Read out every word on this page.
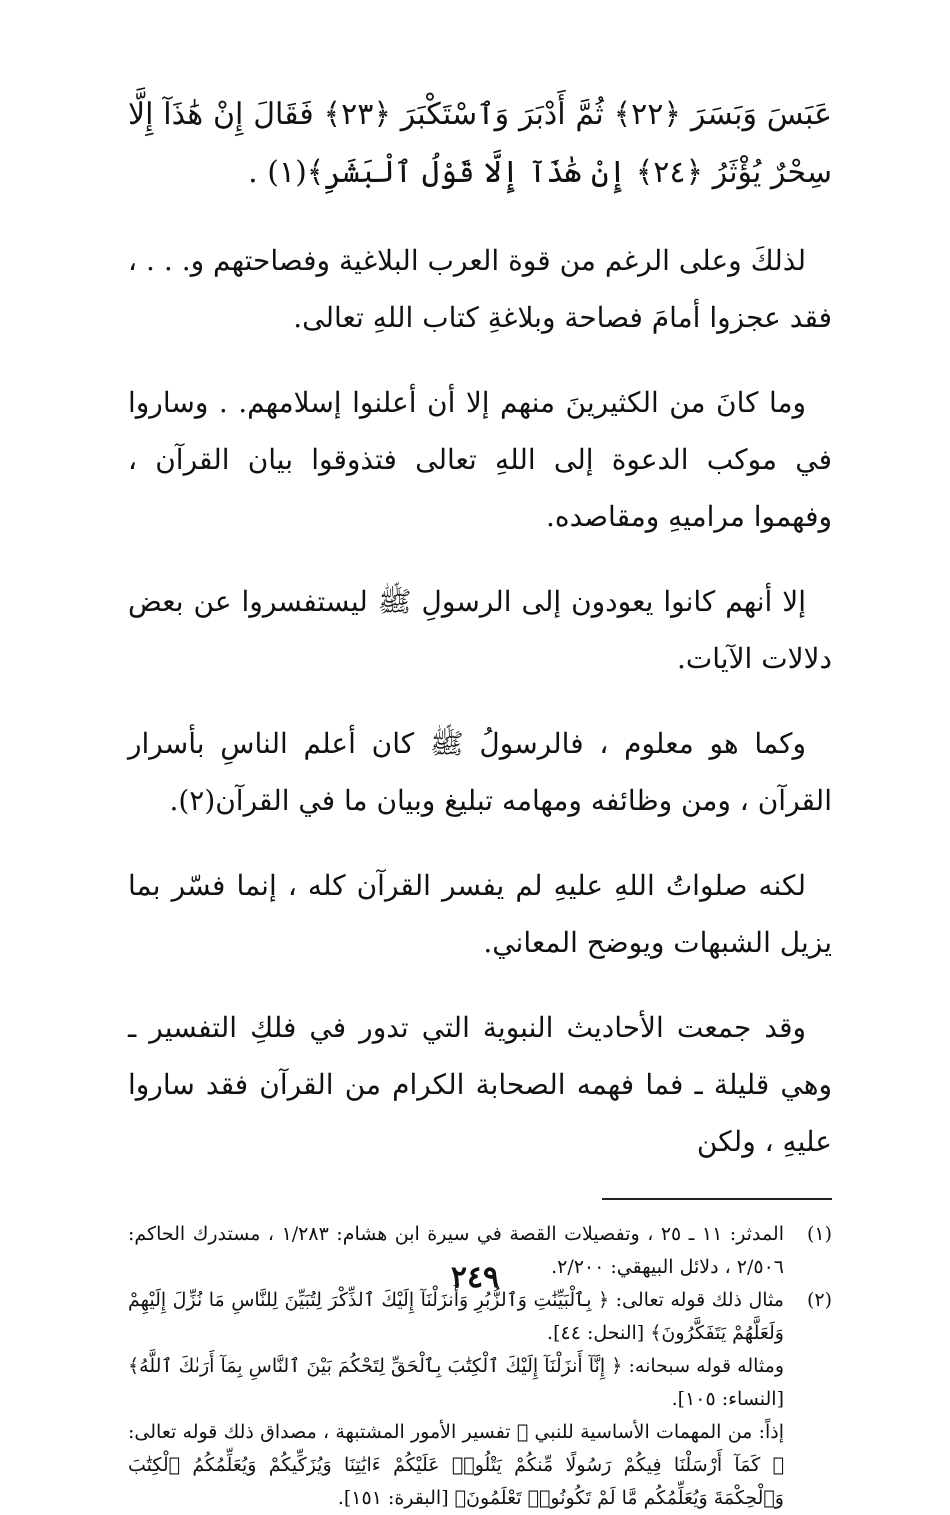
عَبَسَ وَبَسَرَ ﴿٢٢﴾ ثُمَّ أَدْبَرَ وَٱسْتَكْبَرَ ﴿٢٣﴾ فَقَالَ إِنْ هَٰذَآ إِلَّا سِحْرٌ يُؤْثَرُ ﴿٢٤﴾ إِنْ هَٰذَآ إِلَّا قَوْلُ ٱلْبَشَرِ﴾(١) .

لذلكَ وعلى الرغم من قوة العرب البلاغية وفصاحتهم و. . . ، فقد عجزوا أمامَ فصاحة وبلاغةِ كتاب اللهِ تعالى.

وما كانَ من الكثيرينَ منهم إلا أن أعلنوا إسلامهم. . وساروا في موكب الدعوة إلى اللهِ تعالى فتذوقوا بيان القرآن ، وفهموا مراميهِ ومقاصده.

إلا أنهم كانوا يعودون إلى الرسولِ ﷺ ليستفسروا عن بعض دلالات الآيات.

وكما هو معلوم ، فالرسولُ ﷺ كان أعلم الناسِ بأسرار القرآن ، ومن وظائفه ومهامه تبليغ وبيان ما في القرآن(٢).

لكنه صلواتُ اللهِ عليهِ لم يفسر القرآن كله ، إنما فسّر بما يزيل الشبهات ويوضح المعاني.

وقد جمعت الأحاديث النبوية التي تدور في فلكِ التفسير ـ وهي قليلة ـ فما فهمه الصحابة الكرام من القرآن فقد ساروا عليهِ ، ولكن

(١)
المدثر: ١١ ـ ٢٥ ، وتفصيلات القصة في سيرة ابن هشام: ١/٢٨٣ ، مستدرك الحاكم: ٢/٥٠٦ ، دلائل البيهقي: ٢/٢٠٠.
(٢)
مثال ذلك قوله تعالى: ﴿ بِٱلْبَيِّنَٰتِ وَٱلزُّبُرِ وَأَنزَلْنَآ إِلَيْكَ ٱلذِّكْرَ لِتُبَيِّنَ لِلنَّاسِ مَا نُزِّلَ إِلَيْهِمْ وَلَعَلَّهُمْ يَتَفَكَّرُونَ﴾ [النحل: ٤٤].
ومثاله قوله سبحانه: ﴿ إِنَّآ أَنزَلْنَآ إِلَيْكَ ٱلْكِتَٰبَ بِٱلْحَقِّ لِتَحْكُمَ بَيْنَ ٱلنَّاسِ بِمَآ أَرَىٰكَ ٱللَّهُ﴾ [النساء: ١٠٥].
إذاً: من المهمات الأساسية للنبي ﷺ تفسير الأمور المشتبهة ، مصداق ذلك قوله تعالى: ﴿ كَمَآ أَرْسَلْنَا فِيكُمْ رَسُولًا مِّنكُمْ يَتْلُوا۟ عَلَيْكُمْ ءَايَٰتِنَا وَيُزَكِّيكُمْ وَيُعَلِّمُكُمُ ٱلْكِتَٰبَ وَٱلْحِكْمَةَ وَيُعَلِّمُكُم مَّا لَمْ تَكُونُوا۟ تَعْلَمُونَ﴾ [البقرة: ١٥١].
٢٤٩
